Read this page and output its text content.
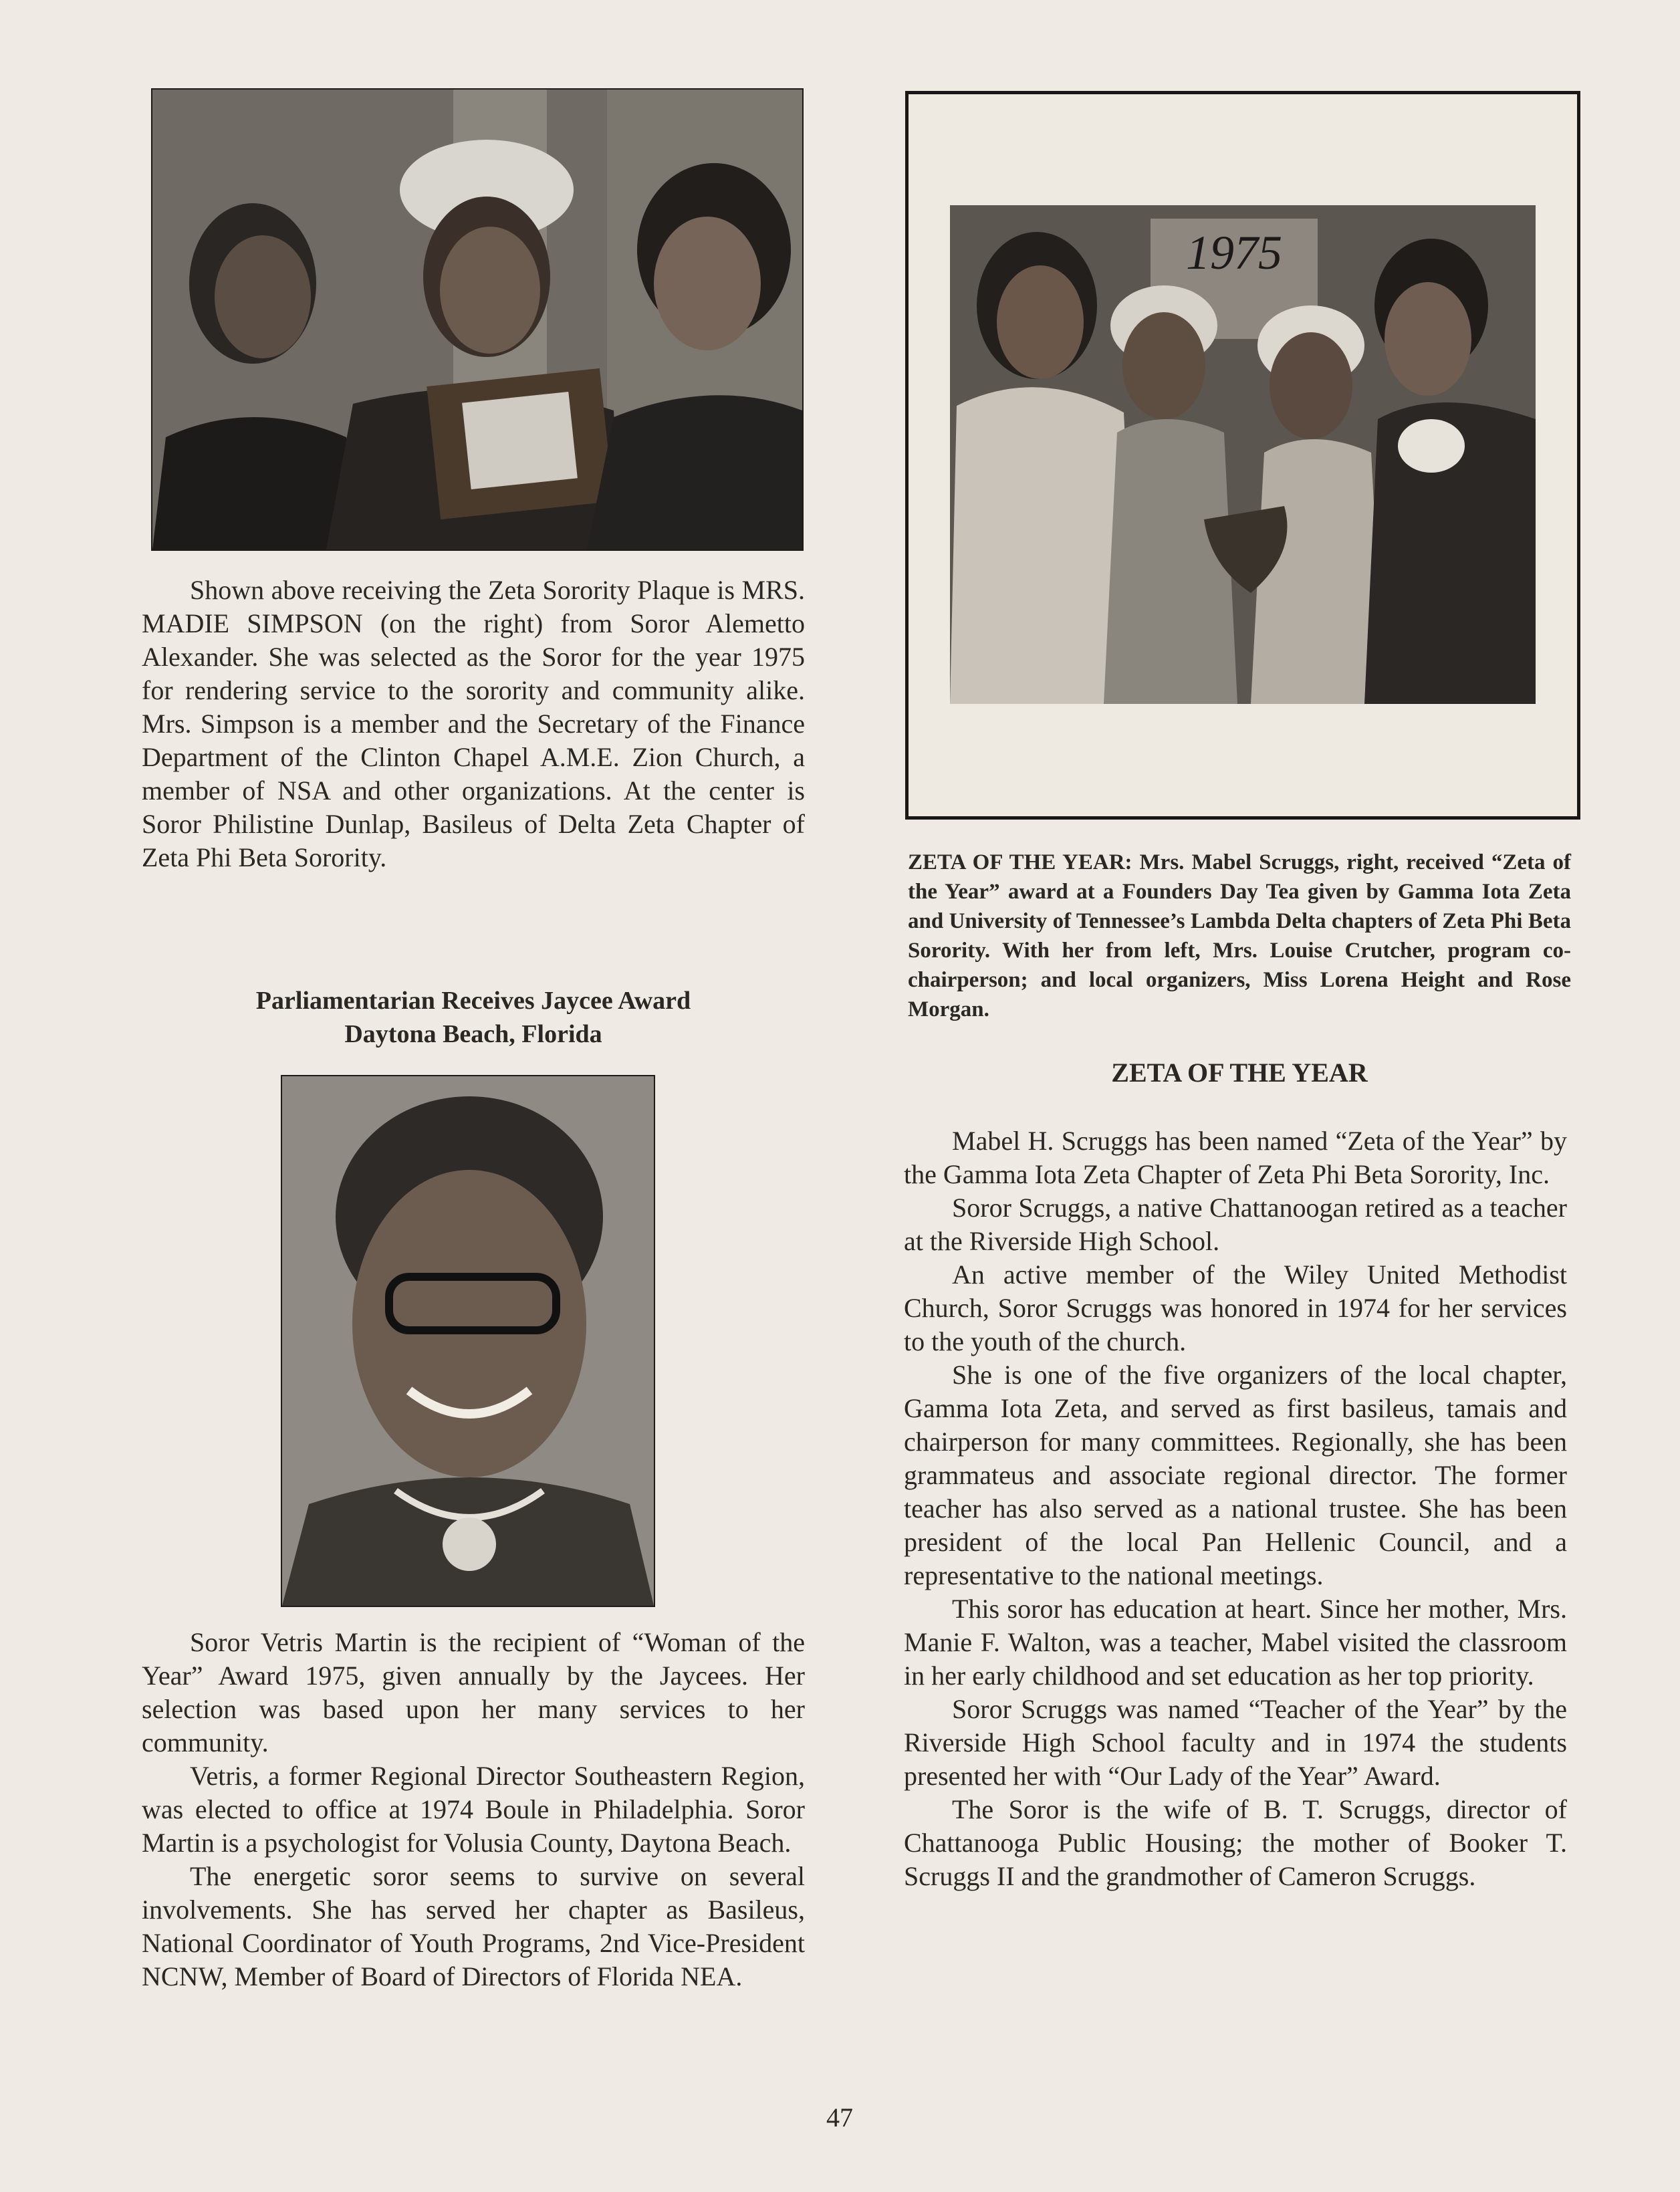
Shown above receiving the Zeta Sorority Plaque is MRS. MADIE SIMPSON (on the right) from Soror Alemetto Alexander. She was selected as the Soror for the year 1975 for rendering service to the sorority and community alike. Mrs. Simpson is a member and the Secretary of the Finance Department of the Clinton Chapel A.M.E. Zion Church, a member of NSA and other organizations. At the center is Soror Philistine Dunlap, Basileus of Delta Zeta Chapter of Zeta Phi Beta Sorority.

Parliamentarian Receives Jaycee Award
Daytona Beach, Florida

Soror Vetris Martin is the recipient of “Woman of the Year” Award 1975, given annually by the Jaycees. Her selection was based upon her many services to her community.

Vetris, a former Regional Director Southeastern Region, was elected to office at 1974 Boule in Philadelphia. Soror Martin is a psychologist for Volusia County, Daytona Beach.

The energetic soror seems to survive on several involvements. She has served her chapter as Basileus, National Coordinator of Youth Programs, 2nd Vice-President NCNW, Member of Board of Directors of Florida NEA.

1975
ZETA OF THE YEAR: Mrs. Mabel Scruggs, right, received “Zeta of the Year” award at a Founders Day Tea given by Gamma Iota Zeta and University of Tennessee’s Lambda Delta chapters of Zeta Phi Beta Sorority. With her from left, Mrs. Louise Crutcher, program co-chairperson; and local organizers, Miss Lorena Height and Rose Morgan.
ZETA OF THE YEAR

Mabel H. Scruggs has been named “Zeta of the Year” by the Gamma Iota Zeta Chapter of Zeta Phi Beta Sorority, Inc.

Soror Scruggs, a native Chattanoogan retired as a teacher at the Riverside High School.

An active member of the Wiley United Methodist Church, Soror Scruggs was honored in 1974 for her services to the youth of the church.

She is one of the five organizers of the local chapter, Gamma Iota Zeta, and served as first basileus, tamais and chairperson for many committees. Regionally, she has been grammateus and associate regional director. The former teacher has also served as a national trustee. She has been president of the local Pan Hellenic Council, and a representative to the national meetings.

This soror has education at heart. Since her mother, Mrs. Manie F. Walton, was a teacher, Mabel visited the classroom in her early childhood and set education as her top priority.

Soror Scruggs was named “Teacher of the Year” by the Riverside High School faculty and in 1974 the students presented her with “Our Lady of the Year” Award.

The Soror is the wife of B. T. Scruggs, director of Chattanooga Public Housing; the mother of Booker T. Scruggs II and the grandmother of Cameron Scruggs.

47
